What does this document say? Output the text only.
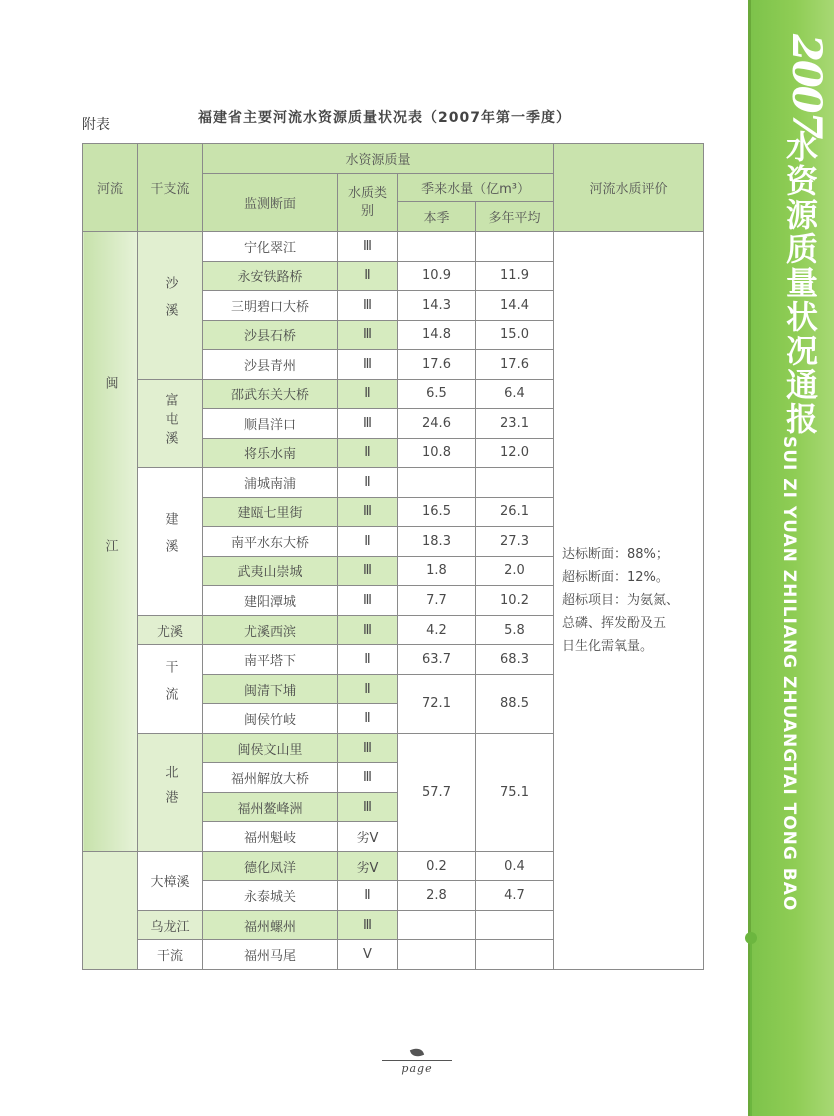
2007
水资源质量状况通报
SUI ZI YUAN ZHILIANG ZHUANGTAI TONG BAO
附表	福建省主要河流水资源质量状况表（2007年第一季度）
河流	干支流	水资源质量				河流水质评价
		监测断面	水质类别	季来水量（亿m³）		
				本季	多年平均	
闽江	沙溪	宁化翠江	Ⅲ			达标断面：88%；
超标断面：12%。
超标项目：为氨氮、
总磷、挥发酚及五
日生化需氧量。

		永安铁路桥	Ⅱ	10.9	11.9	
		三明碧口大桥	Ⅲ	14.3	14.4	
		沙县石桥	Ⅲ	14.8	15.0	
		沙县青州	Ⅲ	17.6	17.6	
	富屯溪	邵武东关大桥	Ⅱ	6.5	6.4	
		顺昌洋口	Ⅲ	24.6	23.1	
		将乐水南	Ⅱ	10.8	12.0	
	建溪	浦城南浦	Ⅱ			
		建瓯七里街	Ⅲ	16.5	26.1	
		南平水东大桥	Ⅱ	18.3	27.3	
		武夷山崇城	Ⅲ	1.8	2.0	
		建阳潭城	Ⅲ	7.7	10.2	
	尤溪	尤溪西滨	Ⅲ	4.2	5.8	
	干流	南平塔下	Ⅱ	63.7	68.3	
		闽清下埔	Ⅱ	72.1	88.5	
		闽侯竹岐	Ⅱ			
	北港	闽侯文山里	Ⅲ	57.7	75.1	
		福州解放大桥	Ⅲ			
		福州鳌峰洲	Ⅲ			
		福州魁岐	劣Ⅴ			
	大樟溪	德化凤洋	劣Ⅴ	0.2	0.4	
		永泰城关	Ⅱ	2.8	4.7	
	乌龙江	福州螺州	Ⅲ			
	干流	福州马尾	Ⅴ			
page
